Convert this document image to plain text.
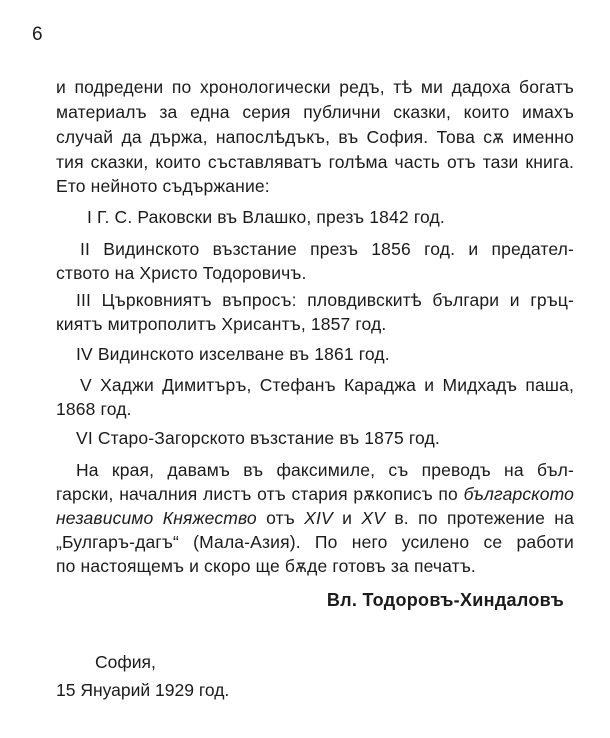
6
и подредени по хронологически редъ, тѣ ми дадоха богатъ
материалъ за една серия публични сказки, които имахъ
случай да държа, напослѣдъкъ, въ София. Това сѫ именно
тия сказки, които съставляватъ голѣма часть отъ тази книга.
Ето нейното съдържание:
I Г. С. Раковски въ Влашко, презъ 1842 год.
II Видинското възстание презъ 1856 год. и предател-
ството на Христо Тодоровичъ.
III Църковниятъ въпросъ: пловдивскитѣ българи и гръц-
киятъ митрополитъ Хрисантъ, 1857 год.
IV Видинското изселване въ 1861 год.
V Хаджи Димитъръ, Стефанъ Караджа и Мидхадъ паша,
1868 год.
VI Старо-Загорското възстание въ 1875 год.
На края, давамъ въ факсимиле, съ преводъ на бъл-
гарски, началния листъ отъ стария рѫкописъ по българското
независимо Княжество отъ XIV и XV в. по протежение на
„Булгаръ-дагъ“ (Мала-Азия). По него усилено се работи
по настоящемъ и скоро ще бѫде готовъ за печатъ.
Вл. Тодоровъ-Хиндаловъ
София,
15 Януарий 1929 год.
